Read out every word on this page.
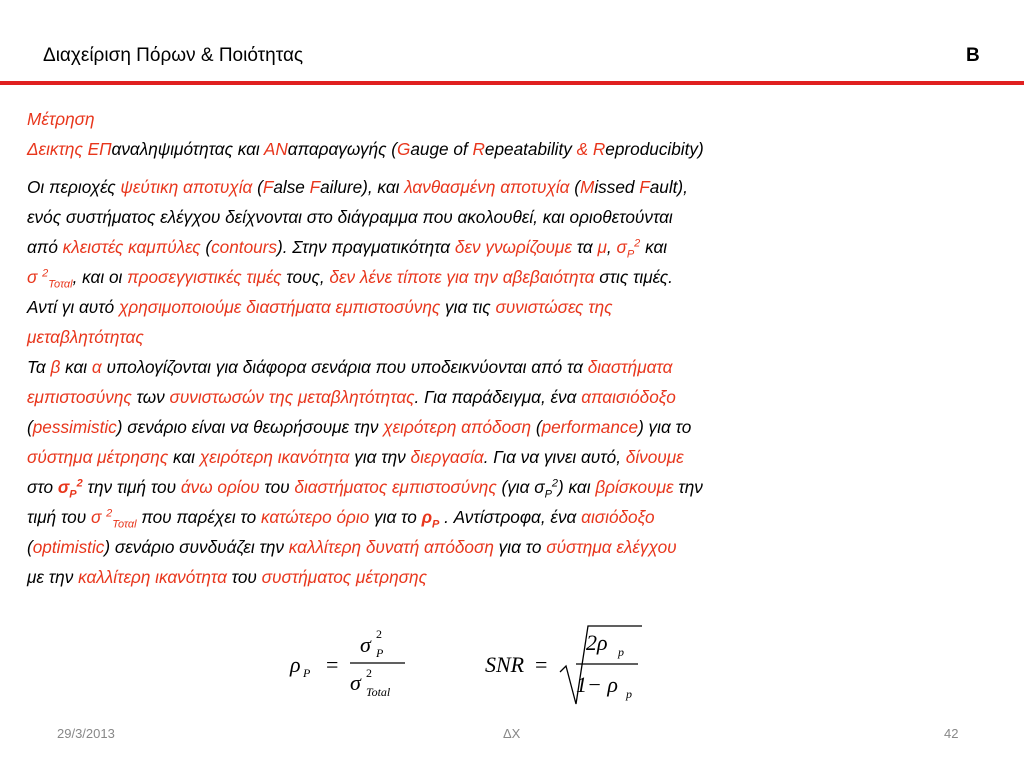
Διαχείριση Πόρων & Ποιότητας	B

Μέτρηση

Δεικτης ΕΠαναληψιμότητας και ΑΝαπαραγωγής (Gauge of Repeatability & Reproducibity)

Οι περιοχές ψεύτικη αποτυχία (False Failure), και λανθασμένη αποτυχία (Missed Fault),

ενός συστήματος ελέγχου δείχνονται στο διάγραμμα που ακολουθεί, και οριοθετούνται

από κλειστές καμπύλες (contours). Στην πραγματικότητα δεν γνωρίζουμε τα μ, $\sigma_P^2$ και

σ $^2_{To\tau\alpha l}$, και οι προσεγγιστικές τιμές τους, δεν λένε τίποτε για την αβεβαιότητα στις τιμές.

Αντί γι αυτό χρησιμοποιούμε διαστήματα εμπιστοσύνης για τις συνιστώσες της

μεταβλητότητας

Τα β και α υπολογίζονται για διάφορα σενάρια που υποδεικνύονται από τα διαστήματα

εμπιστοσύνης των συνιστωσών της μεταβλητότητας. Για παράδειγμα, ένα απαισιόδοξο

(pessimistic) σενάριο είναι να θεωρήσουμε την χειρότερη απόδοση (performance) για το

σύστημα μέτρησης και χειρότερη ικανότητα για την διεργασία. Για να γινει αυτό, δίνουμε

στο $\sigma_P^2$ την τιμή του άνω ορίου του διαστήματος εμπιστοσύνης (για $\sigma_P^2$) και βρίσκουμε την

τιμή του σ $^2_{To\tau\alpha l}$ που παρέχει το κατώτερο όριο για το $\rho_P$ . Αντίστροφα, ένα αισιόδοξο

(optimistic) σενάριο συνδυάζει την καλλίτερη δυνατή απόδοση για το σύστημα ελέγχου

με την καλλίτερη ικανότητα του συστήματος μέτρησης

ρ P =
σ 2
P
σ 2
Total
SNR =
2ρ p
1− ρ p
29/3/2013	ΔΧ	42
